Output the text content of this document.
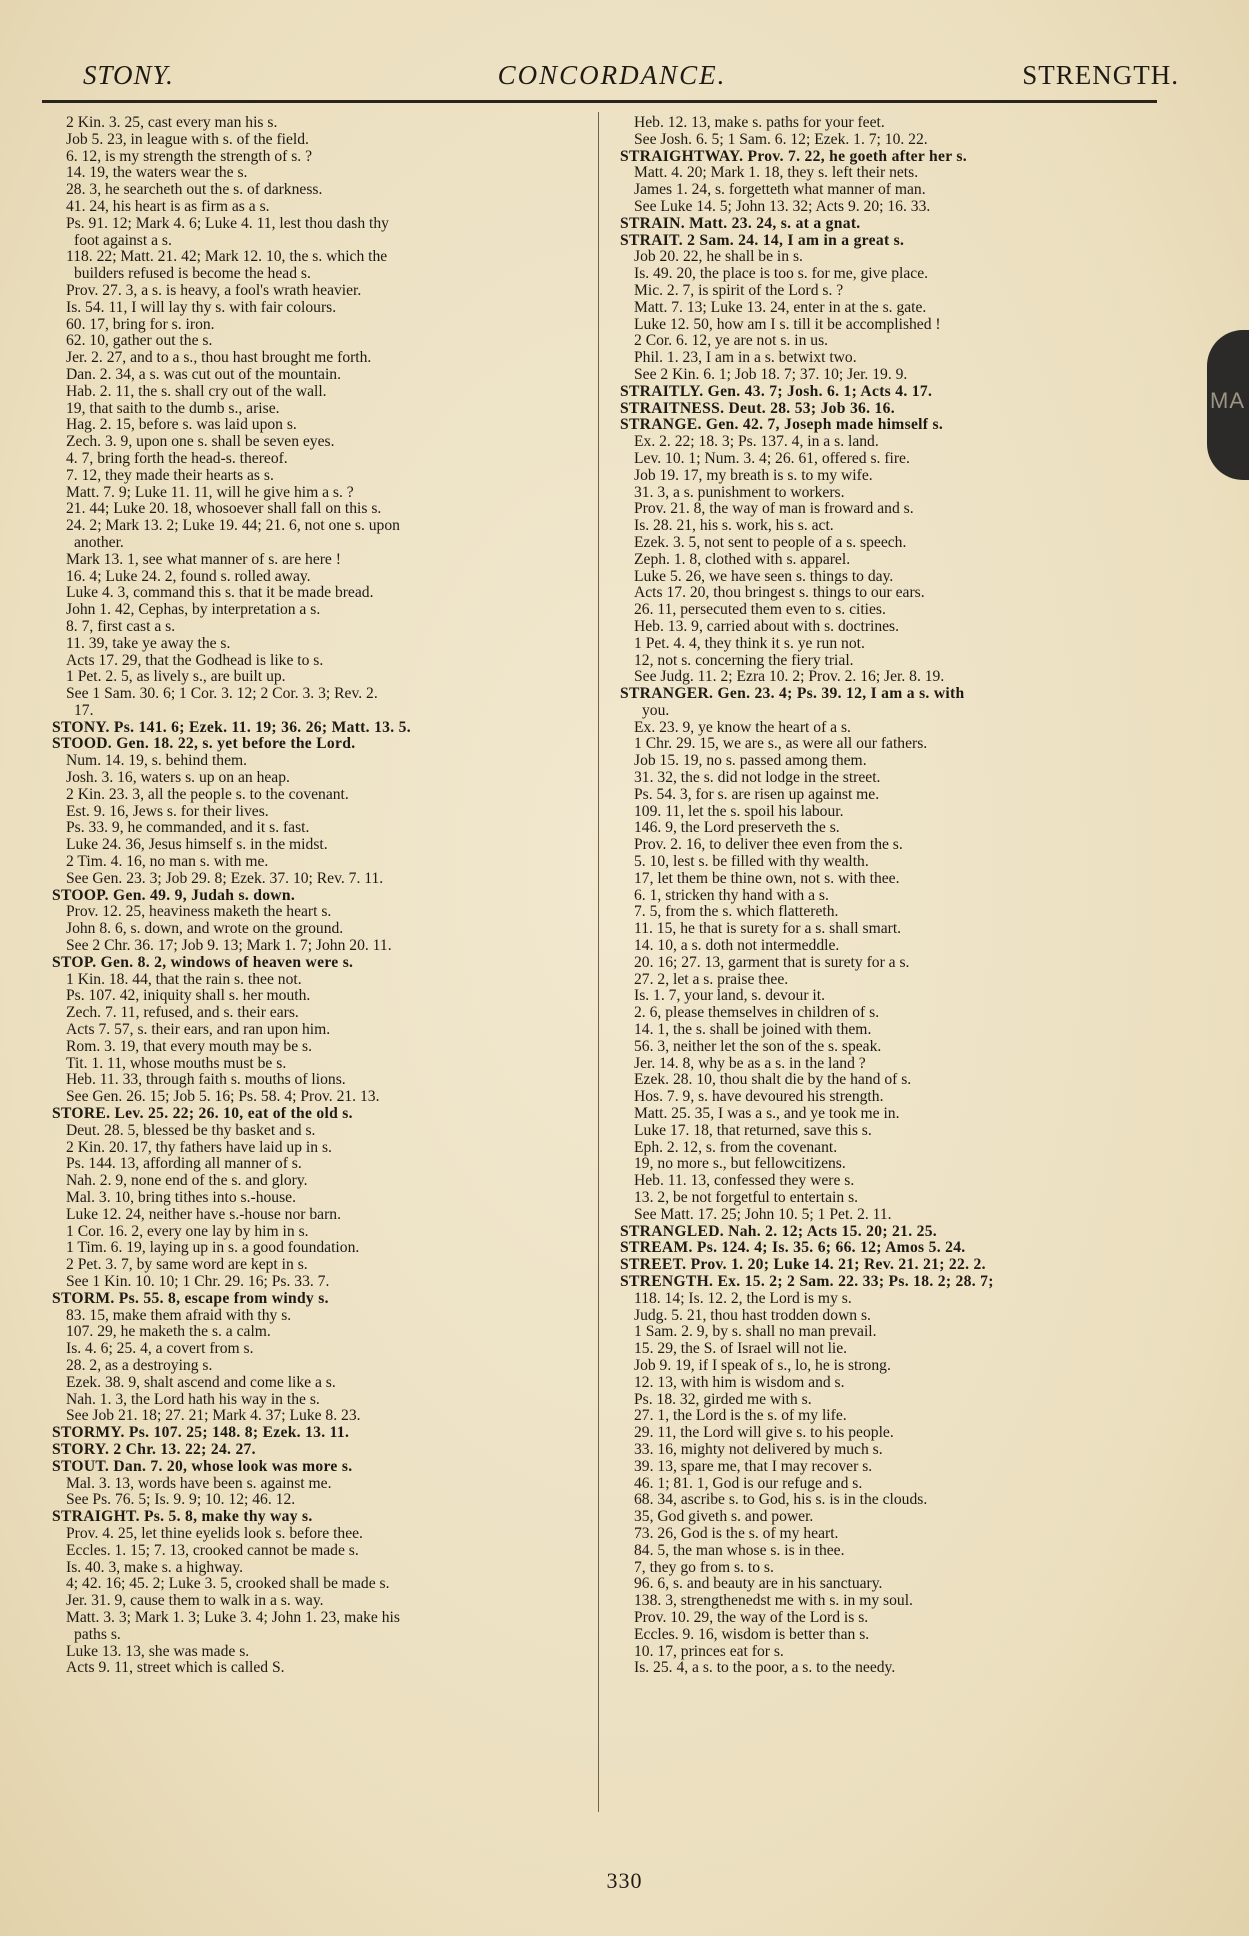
STONY.	CONCORDANCE.	STRENGTH.
2 Kin. 3. 25, cast every man his s.
Job 5. 23, in league with s. of the field.
6. 12, is my strength the strength of s. ?
14. 19, the waters wear the s.
28. 3, he searcheth out the s. of darkness.
41. 24, his heart is as firm as a s.
Ps. 91. 12; Mark 4. 6; Luke 4. 11, lest thou dash thy
foot against a s.
118. 22; Matt. 21. 42; Mark 12. 10, the s. which the
builders refused is become the head s.
Prov. 27. 3, a s. is heavy, a fool's wrath heavier.
Is. 54. 11, I will lay thy s. with fair colours.
60. 17, bring for s. iron.
62. 10, gather out the s.
Jer. 2. 27, and to a s., thou hast brought me forth.
Dan. 2. 34, a s. was cut out of the mountain.
Hab. 2. 11, the s. shall cry out of the wall.
19, that saith to the dumb s., arise.
Hag. 2. 15, before s. was laid upon s.
Zech. 3. 9, upon one s. shall be seven eyes.
4. 7, bring forth the head-s. thereof.
7. 12, they made their hearts as s.
Matt. 7. 9; Luke 11. 11, will he give him a s. ?
21. 44; Luke 20. 18, whosoever shall fall on this s.
24. 2; Mark 13. 2; Luke 19. 44; 21. 6, not one s. upon
another.
Mark 13. 1, see what manner of s. are here !
16. 4; Luke 24. 2, found s. rolled away.
Luke 4. 3, command this s. that it be made bread.
John 1. 42, Cephas, by interpretation a s.
8. 7, first cast a s.
11. 39, take ye away the s.
Acts 17. 29, that the Godhead is like to s.
1 Pet. 2. 5, as lively s., are built up.
See 1 Sam. 30. 6; 1 Cor. 3. 12; 2 Cor. 3. 3; Rev. 2.
17.
STONY. Ps. 141. 6; Ezek. 11. 19; 36. 26; Matt. 13. 5.
STOOD. Gen. 18. 22, s. yet before the Lord.
Num. 14. 19, s. behind them.
Josh. 3. 16, waters s. up on an heap.
2 Kin. 23. 3, all the people s. to the covenant.
Est. 9. 16, Jews s. for their lives.
Ps. 33. 9, he commanded, and it s. fast.
Luke 24. 36, Jesus himself s. in the midst.
2 Tim. 4. 16, no man s. with me.
See Gen. 23. 3; Job 29. 8; Ezek. 37. 10; Rev. 7. 11.
STOOP. Gen. 49. 9, Judah s. down.
Prov. 12. 25, heaviness maketh the heart s.
John 8. 6, s. down, and wrote on the ground.
See 2 Chr. 36. 17; Job 9. 13; Mark 1. 7; John 20. 11.
STOP. Gen. 8. 2, windows of heaven were s.
1 Kin. 18. 44, that the rain s. thee not.
Ps. 107. 42, iniquity shall s. her mouth.
Zech. 7. 11, refused, and s. their ears.
Acts 7. 57, s. their ears, and ran upon him.
Rom. 3. 19, that every mouth may be s.
Tit. 1. 11, whose mouths must be s.
Heb. 11. 33, through faith s. mouths of lions.
See Gen. 26. 15; Job 5. 16; Ps. 58. 4; Prov. 21. 13.
STORE. Lev. 25. 22; 26. 10, eat of the old s.
Deut. 28. 5, blessed be thy basket and s.
2 Kin. 20. 17, thy fathers have laid up in s.
Ps. 144. 13, affording all manner of s.
Nah. 2. 9, none end of the s. and glory.
Mal. 3. 10, bring tithes into s.-house.
Luke 12. 24, neither have s.-house nor barn.
1 Cor. 16. 2, every one lay by him in s.
1 Tim. 6. 19, laying up in s. a good foundation.
2 Pet. 3. 7, by same word are kept in s.
See 1 Kin. 10. 10; 1 Chr. 29. 16; Ps. 33. 7.
STORM. Ps. 55. 8, escape from windy s.
83. 15, make them afraid with thy s.
107. 29, he maketh the s. a calm.
Is. 4. 6; 25. 4, a covert from s.
28. 2, as a destroying s.
Ezek. 38. 9, shalt ascend and come like a s.
Nah. 1. 3, the Lord hath his way in the s.
See Job 21. 18; 27. 21; Mark 4. 37; Luke 8. 23.
STORMY. Ps. 107. 25; 148. 8; Ezek. 13. 11.
STORY. 2 Chr. 13. 22; 24. 27.
STOUT. Dan. 7. 20, whose look was more s.
Mal. 3. 13, words have been s. against me.
See Ps. 76. 5; Is. 9. 9; 10. 12; 46. 12.
STRAIGHT. Ps. 5. 8, make thy way s.
Prov. 4. 25, let thine eyelids look s. before thee.
Eccles. 1. 15; 7. 13, crooked cannot be made s.
Is. 40. 3, make s. a highway.
4; 42. 16; 45. 2; Luke 3. 5, crooked shall be made s.
Jer. 31. 9, cause them to walk in a s. way.
Matt. 3. 3; Mark 1. 3; Luke 3. 4; John 1. 23, make his
paths s.
Luke 13. 13, she was made s.
Acts 9. 11, street which is called S.
Heb. 12. 13, make s. paths for your feet.
See Josh. 6. 5; 1 Sam. 6. 12; Ezek. 1. 7; 10. 22.
STRAIGHTWAY. Prov. 7. 22, he goeth after her s.
Matt. 4. 20; Mark 1. 18, they s. left their nets.
James 1. 24, s. forgetteth what manner of man.
See Luke 14. 5; John 13. 32; Acts 9. 20; 16. 33.
STRAIN. Matt. 23. 24, s. at a gnat.
STRAIT. 2 Sam. 24. 14, I am in a great s.
Job 20. 22, he shall be in s.
Is. 49. 20, the place is too s. for me, give place.
Mic. 2. 7, is spirit of the Lord s. ?
Matt. 7. 13; Luke 13. 24, enter in at the s. gate.
Luke 12. 50, how am I s. till it be accomplished !
2 Cor. 6. 12, ye are not s. in us.
Phil. 1. 23, I am in a s. betwixt two.
See 2 Kin. 6. 1; Job 18. 7; 37. 10; Jer. 19. 9.
STRAITLY. Gen. 43. 7; Josh. 6. 1; Acts 4. 17.
STRAITNESS. Deut. 28. 53; Job 36. 16.
STRANGE. Gen. 42. 7, Joseph made himself s.
Ex. 2. 22; 18. 3; Ps. 137. 4, in a s. land.
Lev. 10. 1; Num. 3. 4; 26. 61, offered s. fire.
Job 19. 17, my breath is s. to my wife.
31. 3, a s. punishment to workers.
Prov. 21. 8, the way of man is froward and s.
Is. 28. 21, his s. work, his s. act.
Ezek. 3. 5, not sent to people of a s. speech.
Zeph. 1. 8, clothed with s. apparel.
Luke 5. 26, we have seen s. things to day.
Acts 17. 20, thou bringest s. things to our ears.
26. 11, persecuted them even to s. cities.
Heb. 13. 9, carried about with s. doctrines.
1 Pet. 4. 4, they think it s. ye run not.
12, not s. concerning the fiery trial.
See Judg. 11. 2; Ezra 10. 2; Prov. 2. 16; Jer. 8. 19.
STRANGER. Gen. 23. 4; Ps. 39. 12, I am a s. with
you.
Ex. 23. 9, ye know the heart of a s.
1 Chr. 29. 15, we are s., as were all our fathers.
Job 15. 19, no s. passed among them.
31. 32, the s. did not lodge in the street.
Ps. 54. 3, for s. are risen up against me.
109. 11, let the s. spoil his labour.
146. 9, the Lord preserveth the s.
Prov. 2. 16, to deliver thee even from the s.
5. 10, lest s. be filled with thy wealth.
17, let them be thine own, not s. with thee.
6. 1, stricken thy hand with a s.
7. 5, from the s. which flattereth.
11. 15, he that is surety for a s. shall smart.
14. 10, a s. doth not intermeddle.
20. 16; 27. 13, garment that is surety for a s.
27. 2, let a s. praise thee.
Is. 1. 7, your land, s. devour it.
2. 6, please themselves in children of s.
14. 1, the s. shall be joined with them.
56. 3, neither let the son of the s. speak.
Jer. 14. 8, why be as a s. in the land ?
Ezek. 28. 10, thou shalt die by the hand of s.
Hos. 7. 9, s. have devoured his strength.
Matt. 25. 35, I was a s., and ye took me in.
Luke 17. 18, that returned, save this s.
Eph. 2. 12, s. from the covenant.
19, no more s., but fellowcitizens.
Heb. 11. 13, confessed they were s.
13. 2, be not forgetful to entertain s.
See Matt. 17. 25; John 10. 5; 1 Pet. 2. 11.
STRANGLED. Nah. 2. 12; Acts 15. 20; 21. 25.
STREAM. Ps. 124. 4; Is. 35. 6; 66. 12; Amos 5. 24.
STREET. Prov. 1. 20; Luke 14. 21; Rev. 21. 21; 22. 2.
STRENGTH. Ex. 15. 2; 2 Sam. 22. 33; Ps. 18. 2; 28. 7;
118. 14; Is. 12. 2, the Lord is my s.
Judg. 5. 21, thou hast trodden down s.
1 Sam. 2. 9, by s. shall no man prevail.
15. 29, the S. of Israel will not lie.
Job 9. 19, if I speak of s., lo, he is strong.
12. 13, with him is wisdom and s.
Ps. 18. 32, girded me with s.
27. 1, the Lord is the s. of my life.
29. 11, the Lord will give s. to his people.
33. 16, mighty not delivered by much s.
39. 13, spare me, that I may recover s.
46. 1; 81. 1, God is our refuge and s.
68. 34, ascribe s. to God, his s. is in the clouds.
35, God giveth s. and power.
73. 26, God is the s. of my heart.
84. 5, the man whose s. is in thee.
7, they go from s. to s.
96. 6, s. and beauty are in his sanctuary.
138. 3, strengthenedst me with s. in my soul.
Prov. 10. 29, the way of the Lord is s.
Eccles. 9. 16, wisdom is better than s.
10. 17, princes eat for s.
Is. 25. 4, a s. to the poor, a s. to the needy.
330
MA
